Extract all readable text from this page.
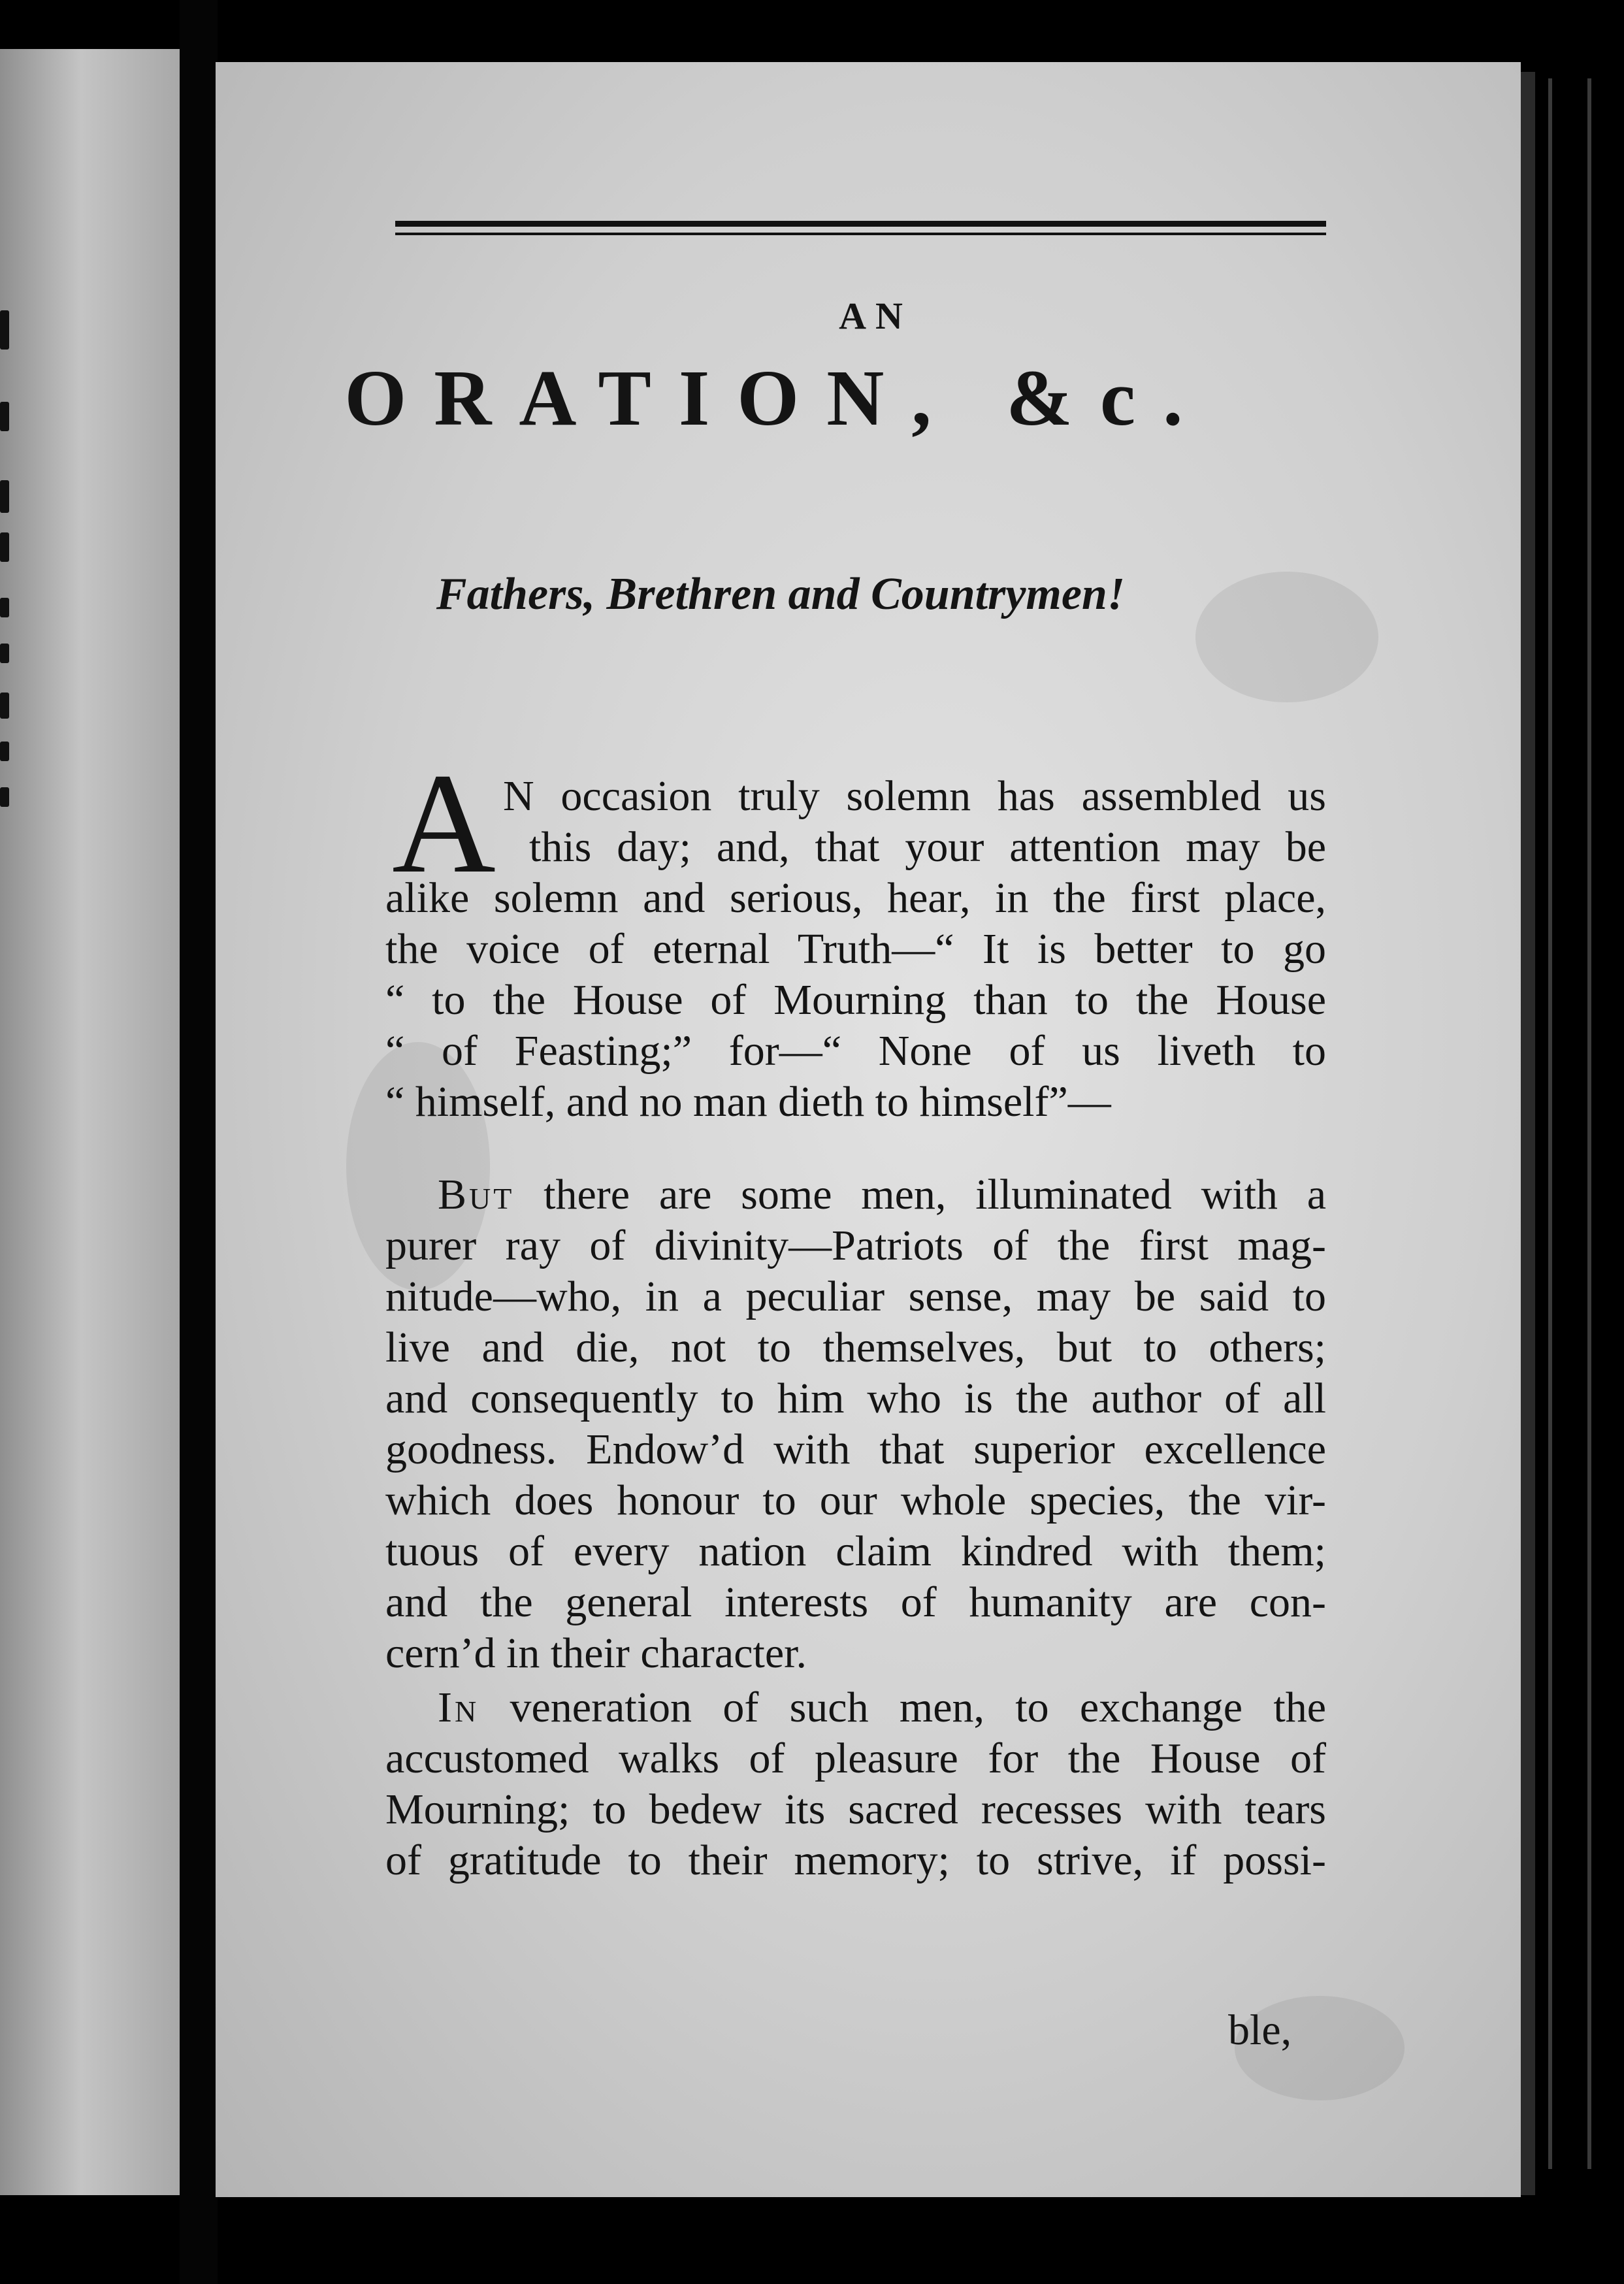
AN
ORATION, &c.
Fathers, Brethren and Countrymen!
A N occasion truly solemn has assembled us
this day; and, that your attention may be
alike solemn and serious, hear, in the first place,
the voice of eternal Truth—“ It is better to go
“ to the House of Mourning than to the House
“ of Feasting;” for—“ None of us liveth to
“ himself, and no man dieth to himself”—
But there are some men, illuminated with a
purer ray of divinity—Patriots of the first mag-
nitude—who, in a peculiar sense, may be said to
live and die, not to themselves, but to others;
and consequently to him who is the author of all
goodness. Endow’d with that superior excellence
which does honour to our whole species, the vir-
tuous of every nation claim kindred with them;
and the general interests of humanity are con-
cern’d in their character.
In veneration of such men, to exchange the
accustomed walks of pleasure for the House of
Mourning; to bedew its sacred recesses with tears
of gratitude to their memory; to strive, if possi-
ble,
